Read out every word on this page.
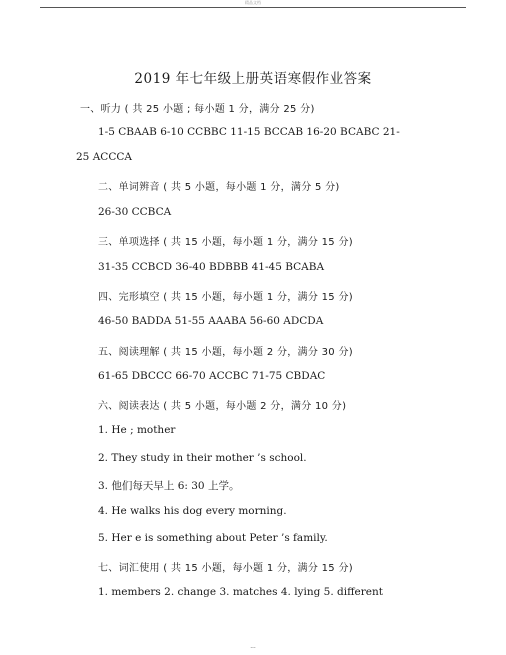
精品文档
2019 年七年级上册英语寒假作业答案
一、听力 ( 共 25 小题 ; 每小题 1 分，满分 25 分)
1-5 CBAAB 6-10 CCBBC 11-15 BCCAB 16-20 BCABC 21-
25 ACCCA
二、单词辨音 ( 共 5 小题，每小题 1 分，满分 5 分)
26-30 CCBCA
三、单项选择 ( 共 15 小题，每小题 1 分，满分 15 分)
31-35 CCBCD 36-40 BDBBB 41-45 BCABA
四、完形填空 ( 共 15 小题，每小题 1 分，满分 15 分)
46-50 BADDA 51-55 AAABA 56-60 ADCDA
五、阅读理解 ( 共 15 小题，每小题 2 分，满分 30 分)
61-65 DBCCC 66-70 ACCBC 71-75 CBDAC
六、阅读表达 ( 共 5 小题，每小题 2 分，满分 10 分)
1. He ; mother
2. They study in their mother ’s school.
3. 他们每天早上 6: 30 上学。
4. He walks his dog every morning.
5. Her e is something about Peter ’s family.
七、词汇使用 ( 共 15 小题，每小题 1 分，满分 15 分)
1. members 2. change 3. matches 4. lying 5. different
---
